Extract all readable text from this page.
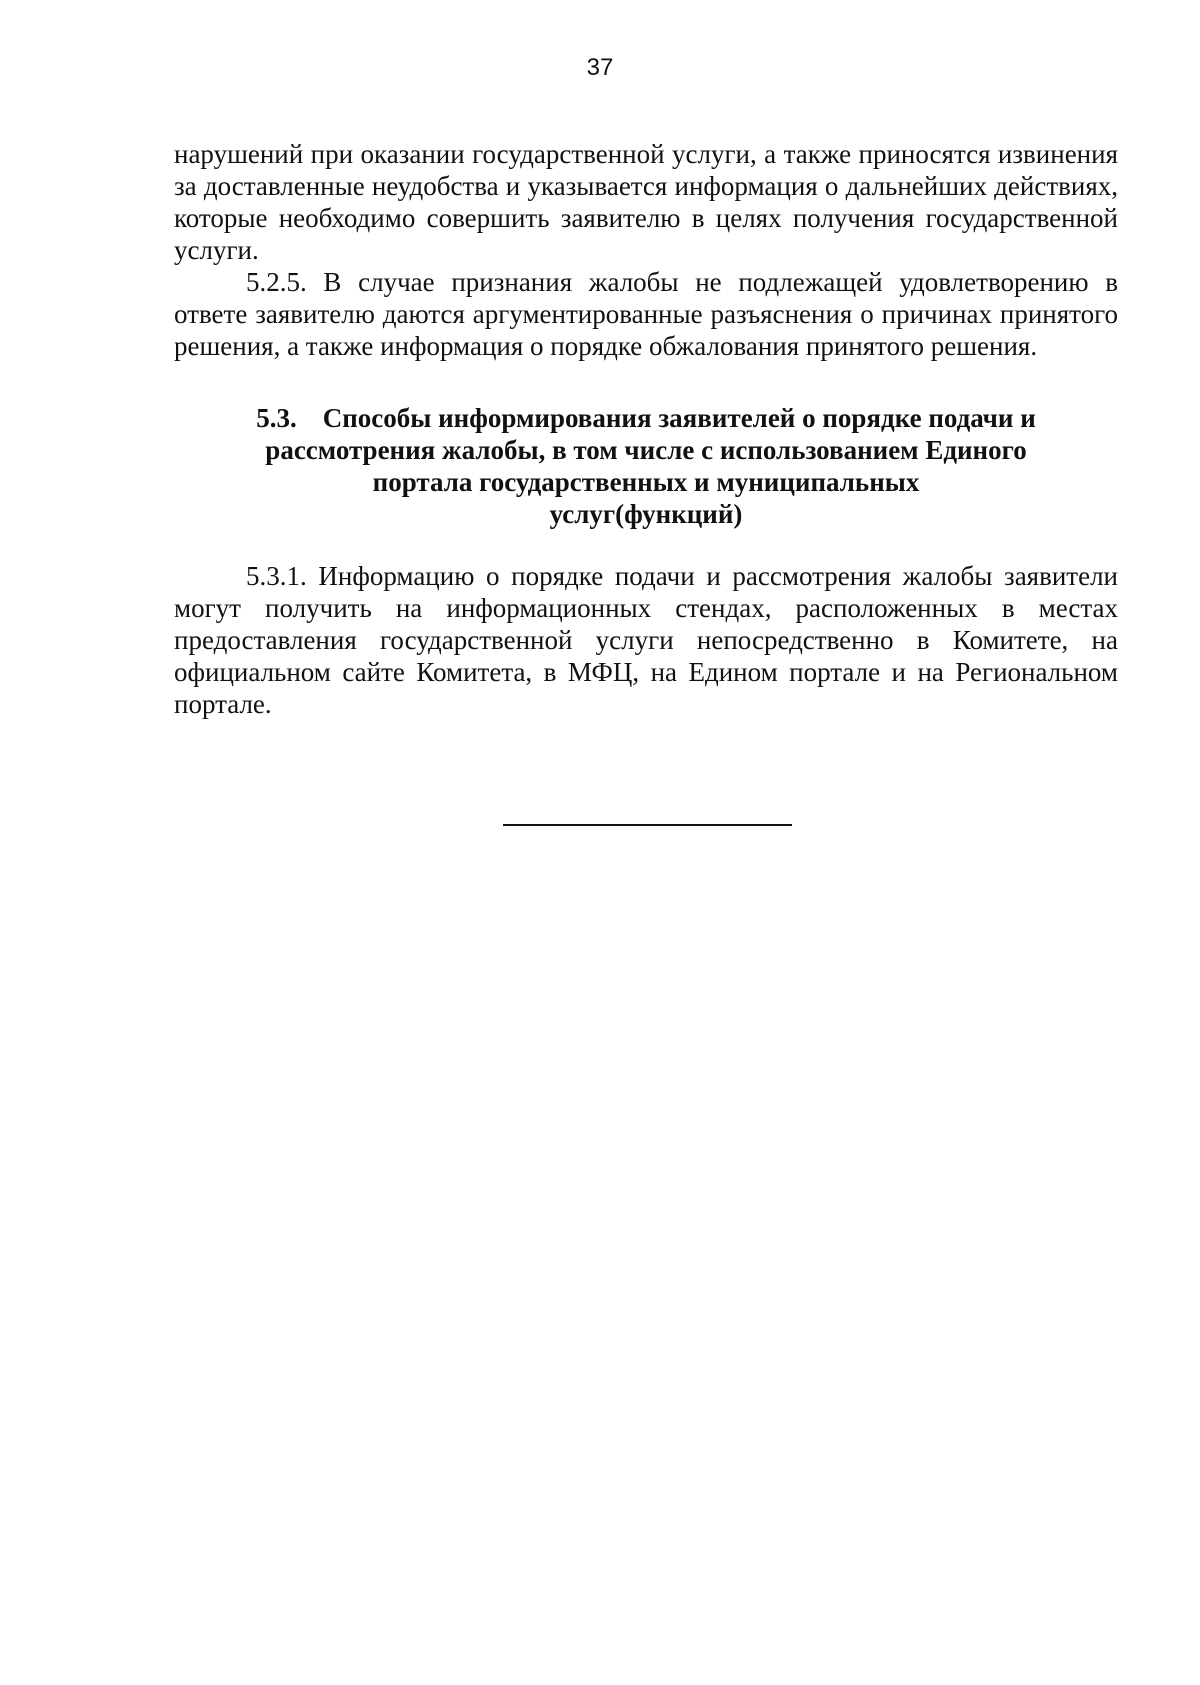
37

нарушений при оказании государственной услуги, а также приносятся извинения за доставленные неудобства и указывается информация о дальнейших действиях, которые необходимо совершить заявителю в целях получения государственной услуги.

5.2.5. В случае признания жалобы не подлежащей удовлетворению в ответе заявителю даются аргументированные разъяснения о причинах принятого решения, а также информация о порядке обжалования принятого решения.

5.3. Способы информирования заявителей о порядке подачи и
рассмотрения жалобы, в том числе с использованием Единого
портала государственных и муниципальных
услуг(функций)

5.3.1. Информацию о порядке подачи и рассмотрения жалобы заявители могут получить на информационных стендах, расположенных в местах предоставления государственной услуги непосредственно в Комитете, на официальном сайте Комитета, в МФЦ, на Едином портале и на Региональном портале.
